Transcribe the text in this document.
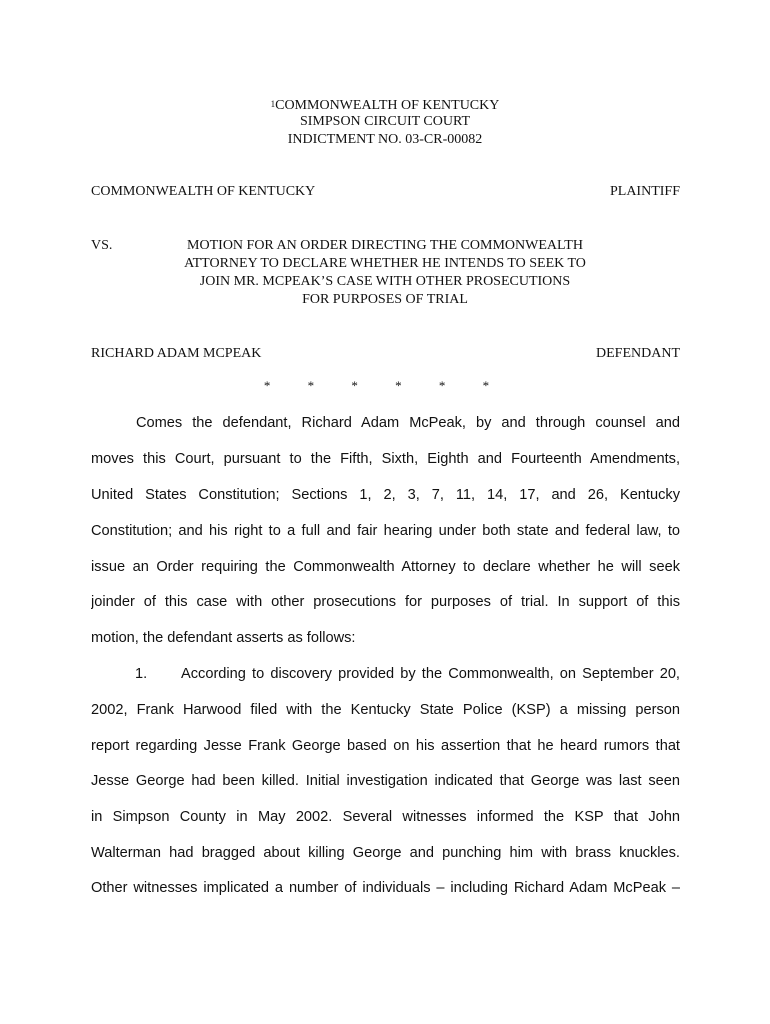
$^1$COMMONWEALTH OF KENTUCKY
SIMPSON CIRCUIT COURT
INDICTMENT NO. 03-CR-00082
COMMONWEALTH OF KENTUCKY	PLAINTIFF
VS.	MOTION FOR AN ORDER DIRECTING THE COMMONWEALTH
ATTORNEY TO DECLARE WHETHER HE INTENDS TO SEEK TO
JOIN MR. MCPEAK’S CASE WITH OTHER PROSECUTIONS
FOR PURPOSES OF TRIAL
RICHARD ADAM MCPEAK	DEFENDANT
* * * * * *
Comes the defendant, Richard Adam McPeak, by and through counsel and
moves this Court, pursuant to the Fifth, Sixth, Eighth and Fourteenth Amendments,
United States Constitution; Sections 1, 2, 3, 7, 11, 14, 17, and 26, Kentucky
Constitution; and his right to a full and fair hearing under both state and federal law, to
issue an Order requiring the Commonwealth Attorney to declare whether he will seek
joinder of this case with other prosecutions for purposes of trial. In support of this
motion, the defendant asserts as follows:
1. According to discovery provided by the Commonwealth, on September 20,
2002, Frank Harwood filed with the Kentucky State Police (KSP) a missing person
report regarding Jesse Frank George based on his assertion that he heard rumors that
Jesse George had been killed. Initial investigation indicated that George was last seen
in Simpson County in May 2002. Several witnesses informed the KSP that John
Walterman had bragged about killing George and punching him with brass knuckles.
Other witnesses implicated a number of individuals – including Richard Adam McPeak –
